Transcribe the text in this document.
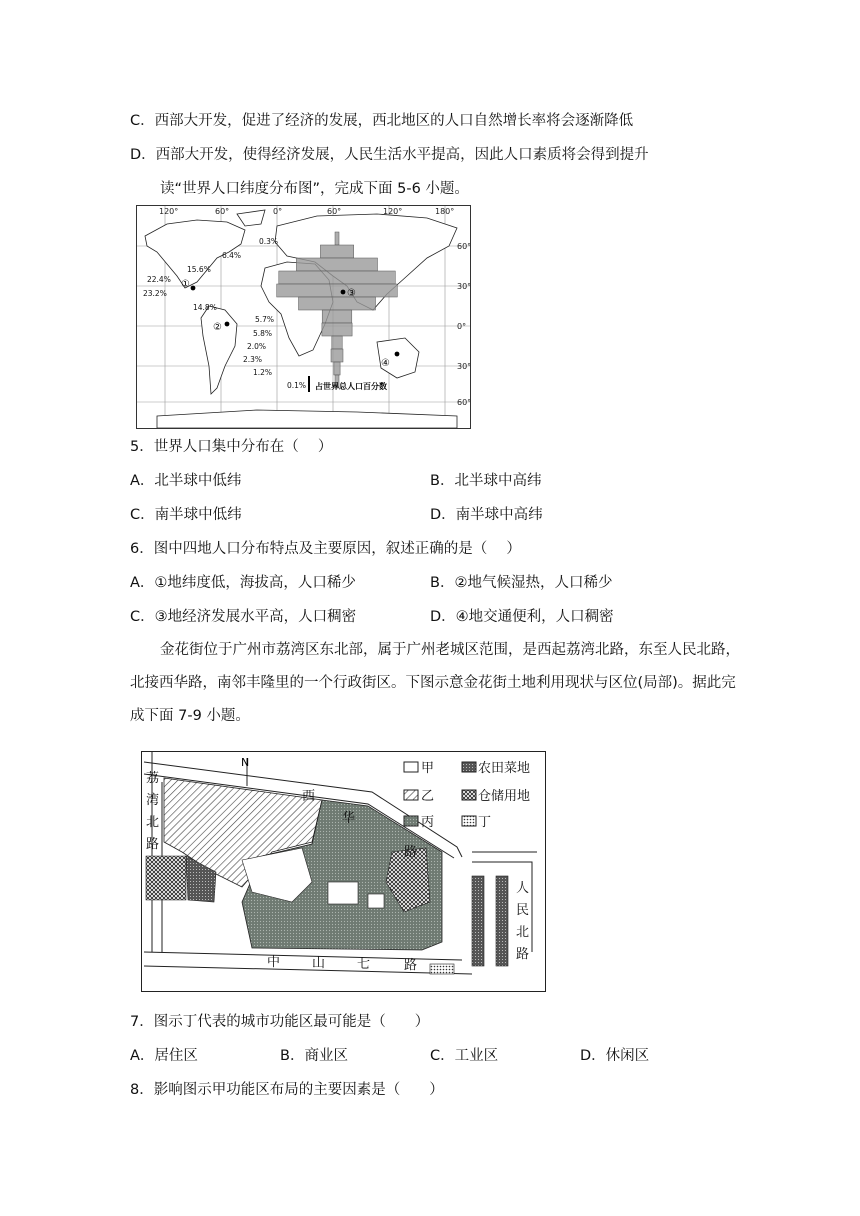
C．西部大开发，促进了经济的发展，西北地区的人口自然增长率将会逐渐降低
D．西部大开发，使得经济发展，人民生活水平提高，因此人口素质将会得到提升
读“世界人口纬度分布图”，完成下面 5-6 小题。
120°	60°	0°	60°	120°	180°
60°
30°
0°
30°
60°
0.3%
6.4%
15.6%
22.4%
23.2%
14.8%
5.7%
5.8%
2.0%
2.3%
1.2%
0.1%
①
②
③
④
占世界总人口百分数
5．世界人口集中分布在（　 ）
A．北半球中低纬	B．北半球中高纬
C．南半球中低纬	D．南半球中高纬
6．图中四地人口分布特点及主要原因，叙述正确的是（　 ）
A．①地纬度低，海拔高，人口稀少	B．②地气候湿热，人口稀少
C．③地经济发展水平高，人口稠密	D．④地交通便利，人口稠密
金花街位于广州市荔湾区东北部，属于广州老城区范围，是西起荔湾北路，东至人民北路，北接西华路，南邻丰隆里的一个行政街区。下图示意金花街土地利用现状与区位(局部)。据此完成下面 7-9 小题。
N	甲	农田菜地
乙	仓储用地
丙	丁
荔
湾
北
路
西
华
路
中 山 七	路
人
民
北
路
7．图示丁代表的城市功能区最可能是（　　）
A．居住区	B．商业区	C．工业区	D．休闲区
8．影响图示甲功能区布局的主要因素是（　　）
